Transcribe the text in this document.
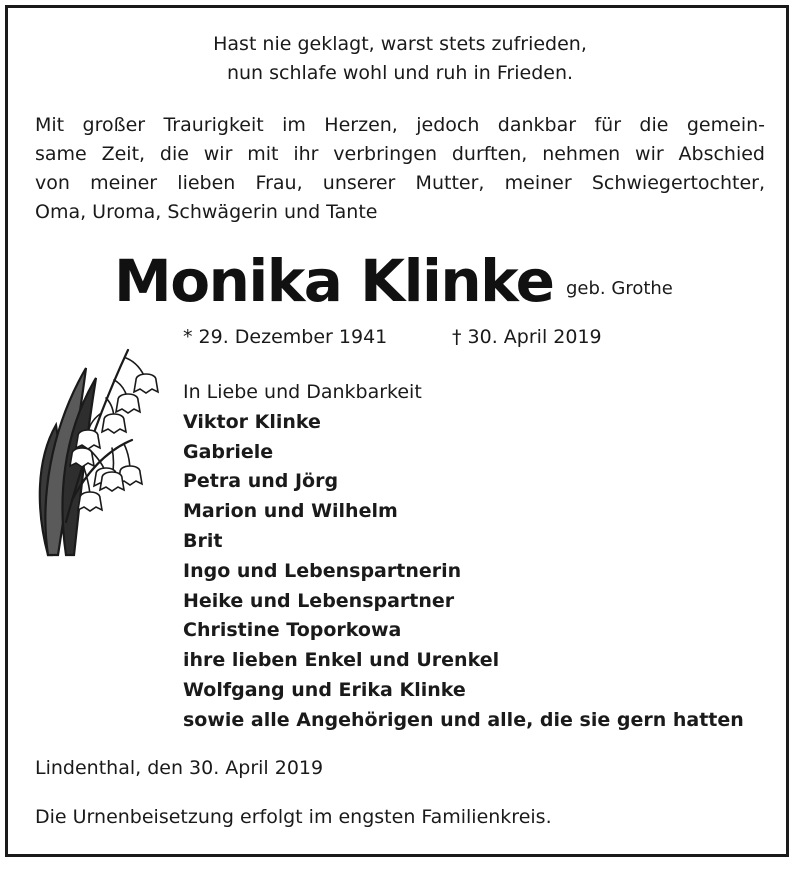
Hast nie geklagt, warst stets zufrieden,
nun schlafe wohl und ruh in Frieden.
Mit großer Traurigkeit im Herzen, jedoch dankbar für die gemein-
same Zeit, die wir mit ihr verbringen durften, nehmen wir Abschied
von meiner lieben Frau, unserer Mutter, meiner Schwiegertochter,
Oma, Uroma, Schwägerin und Tante
Monika Klinke geb. Grothe
* 29. Dezember 1941	† 30. April 2019
In Liebe und Dankbarkeit
Viktor Klinke
Gabriele
Petra und Jörg
Marion und Wilhelm
Brit
Ingo und Lebenspartnerin
Heike und Lebenspartner
Christine Toporkowa
ihre lieben Enkel und Urenkel
Wolfgang und Erika Klinke
sowie alle Angehörigen und alle, die sie gern hatten
Lindenthal, den 30. April 2019
Die Urnenbeisetzung erfolgt im engsten Familienkreis.
